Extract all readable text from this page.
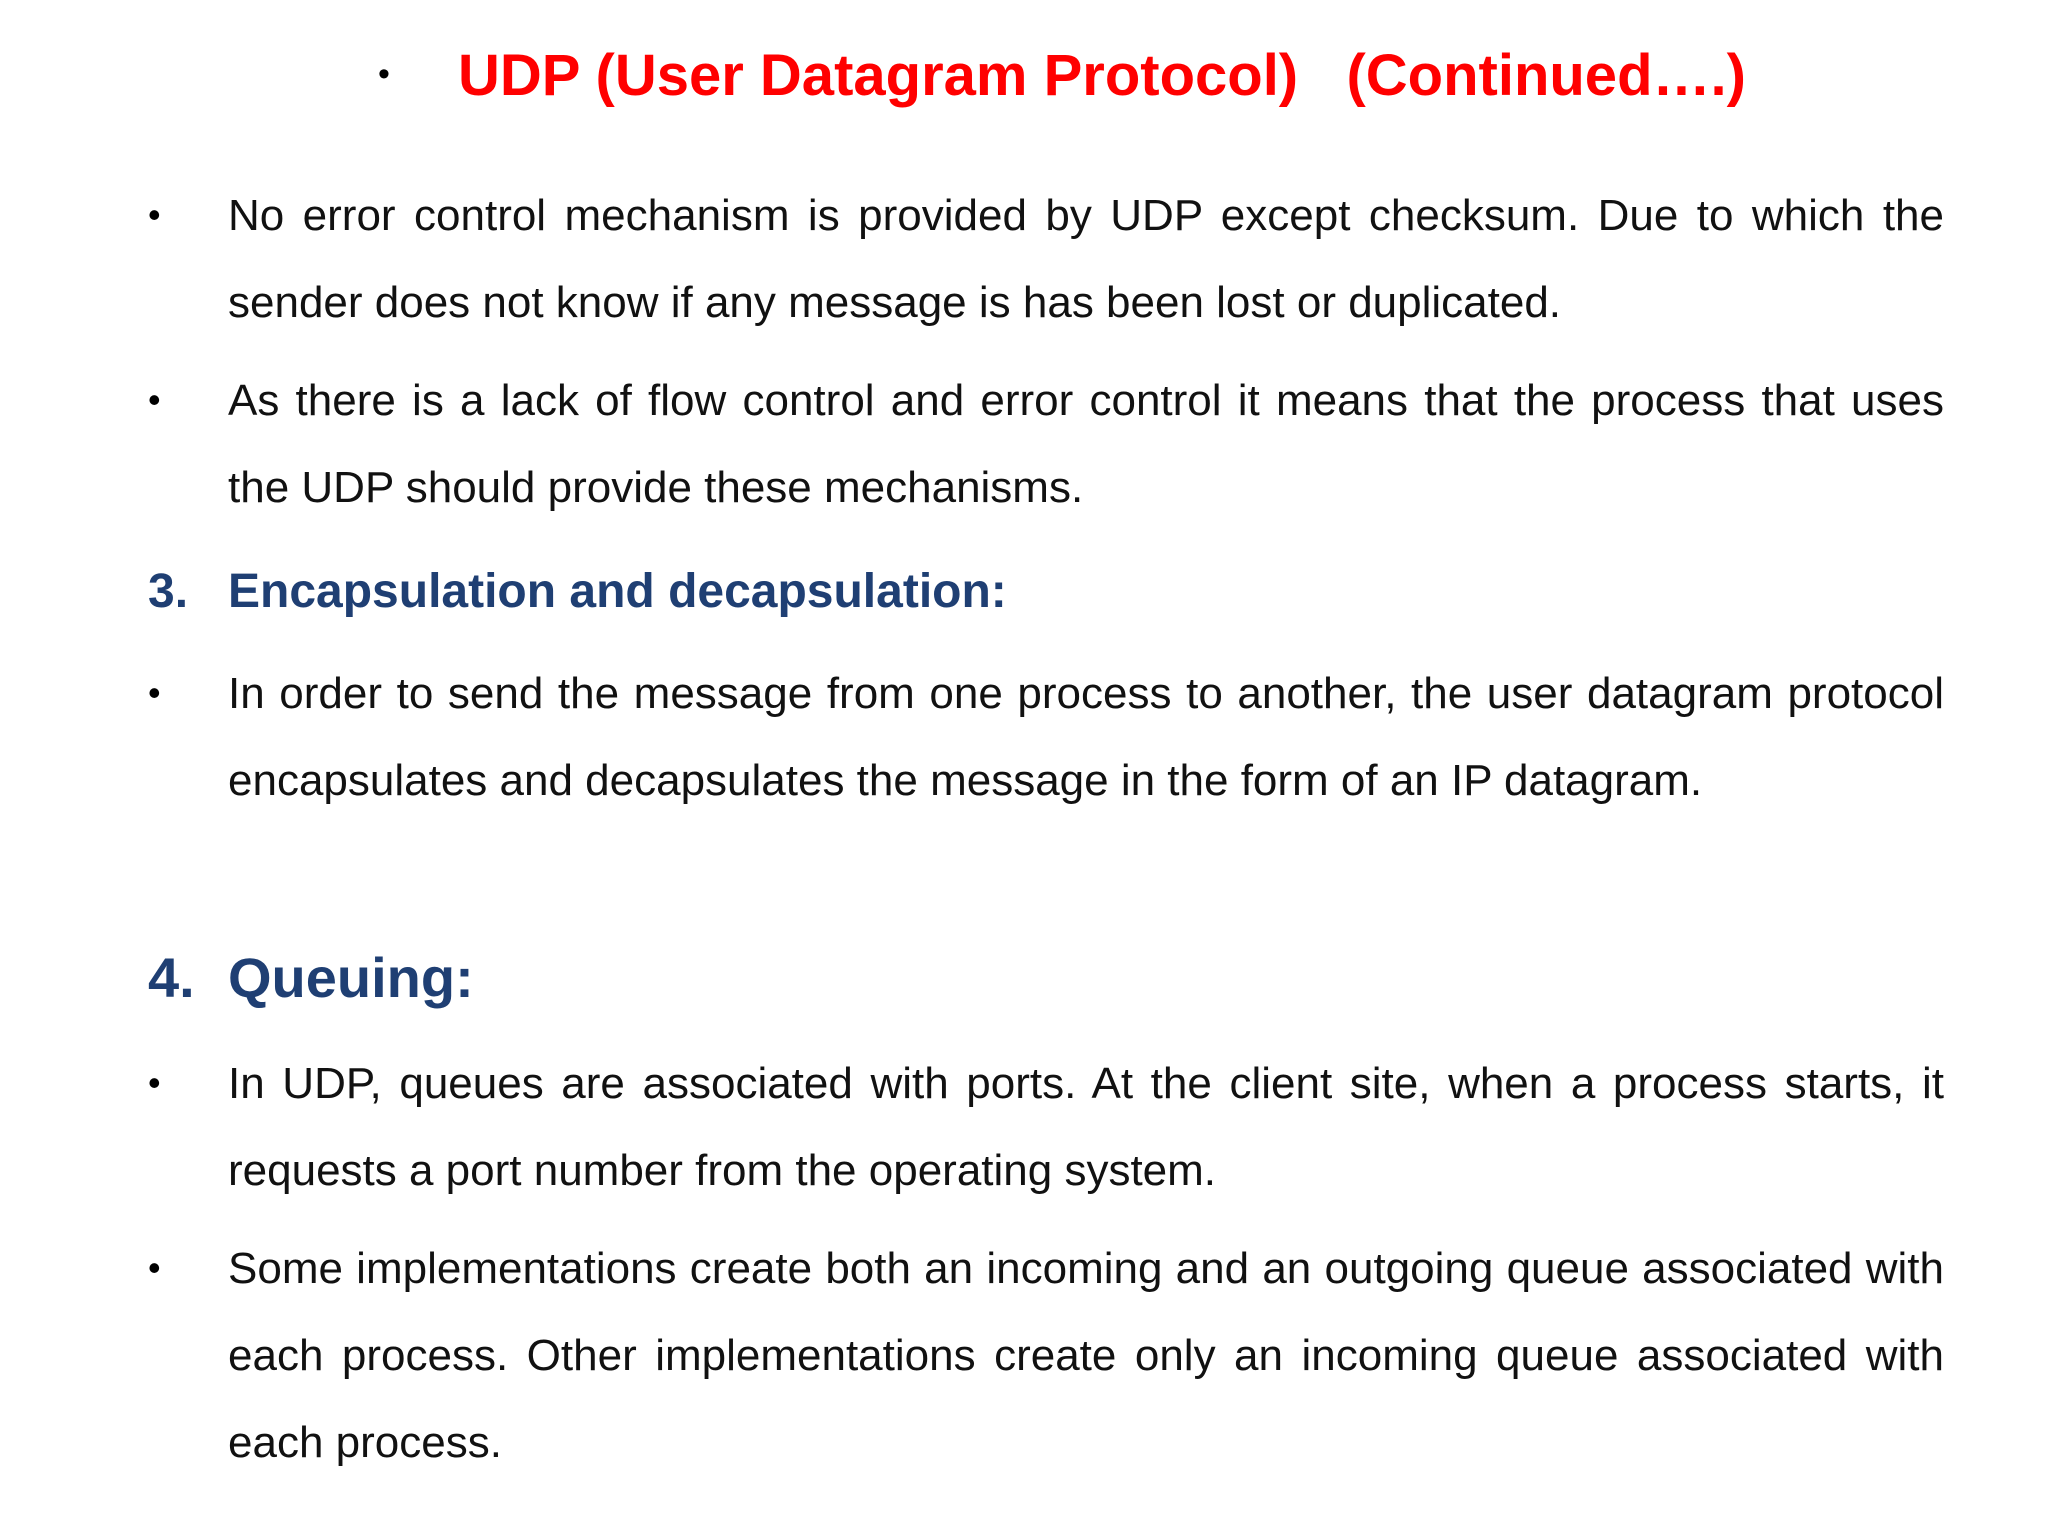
• UDP (User Datagram Protocol)   (Continued….)
• No error control mechanism is provided by UDP except checksum. Due to which the sender does not know if any message is has been lost or duplicated.
• As there is a lack of flow control and error control it means that the process that uses the UDP should provide these mechanisms.
3. Encapsulation and decapsulation:
• In order to send the message from one process to another, the user datagram protocol encapsulates and decapsulates the message in the form of an IP datagram.
4. Queuing:
• In UDP, queues are associated with ports. At the client site, when a process starts, it requests a port number from the operating system.
• Some implementations create both an incoming and an outgoing queue associated with each process. Other implementations create only an incoming queue associated with each process.
